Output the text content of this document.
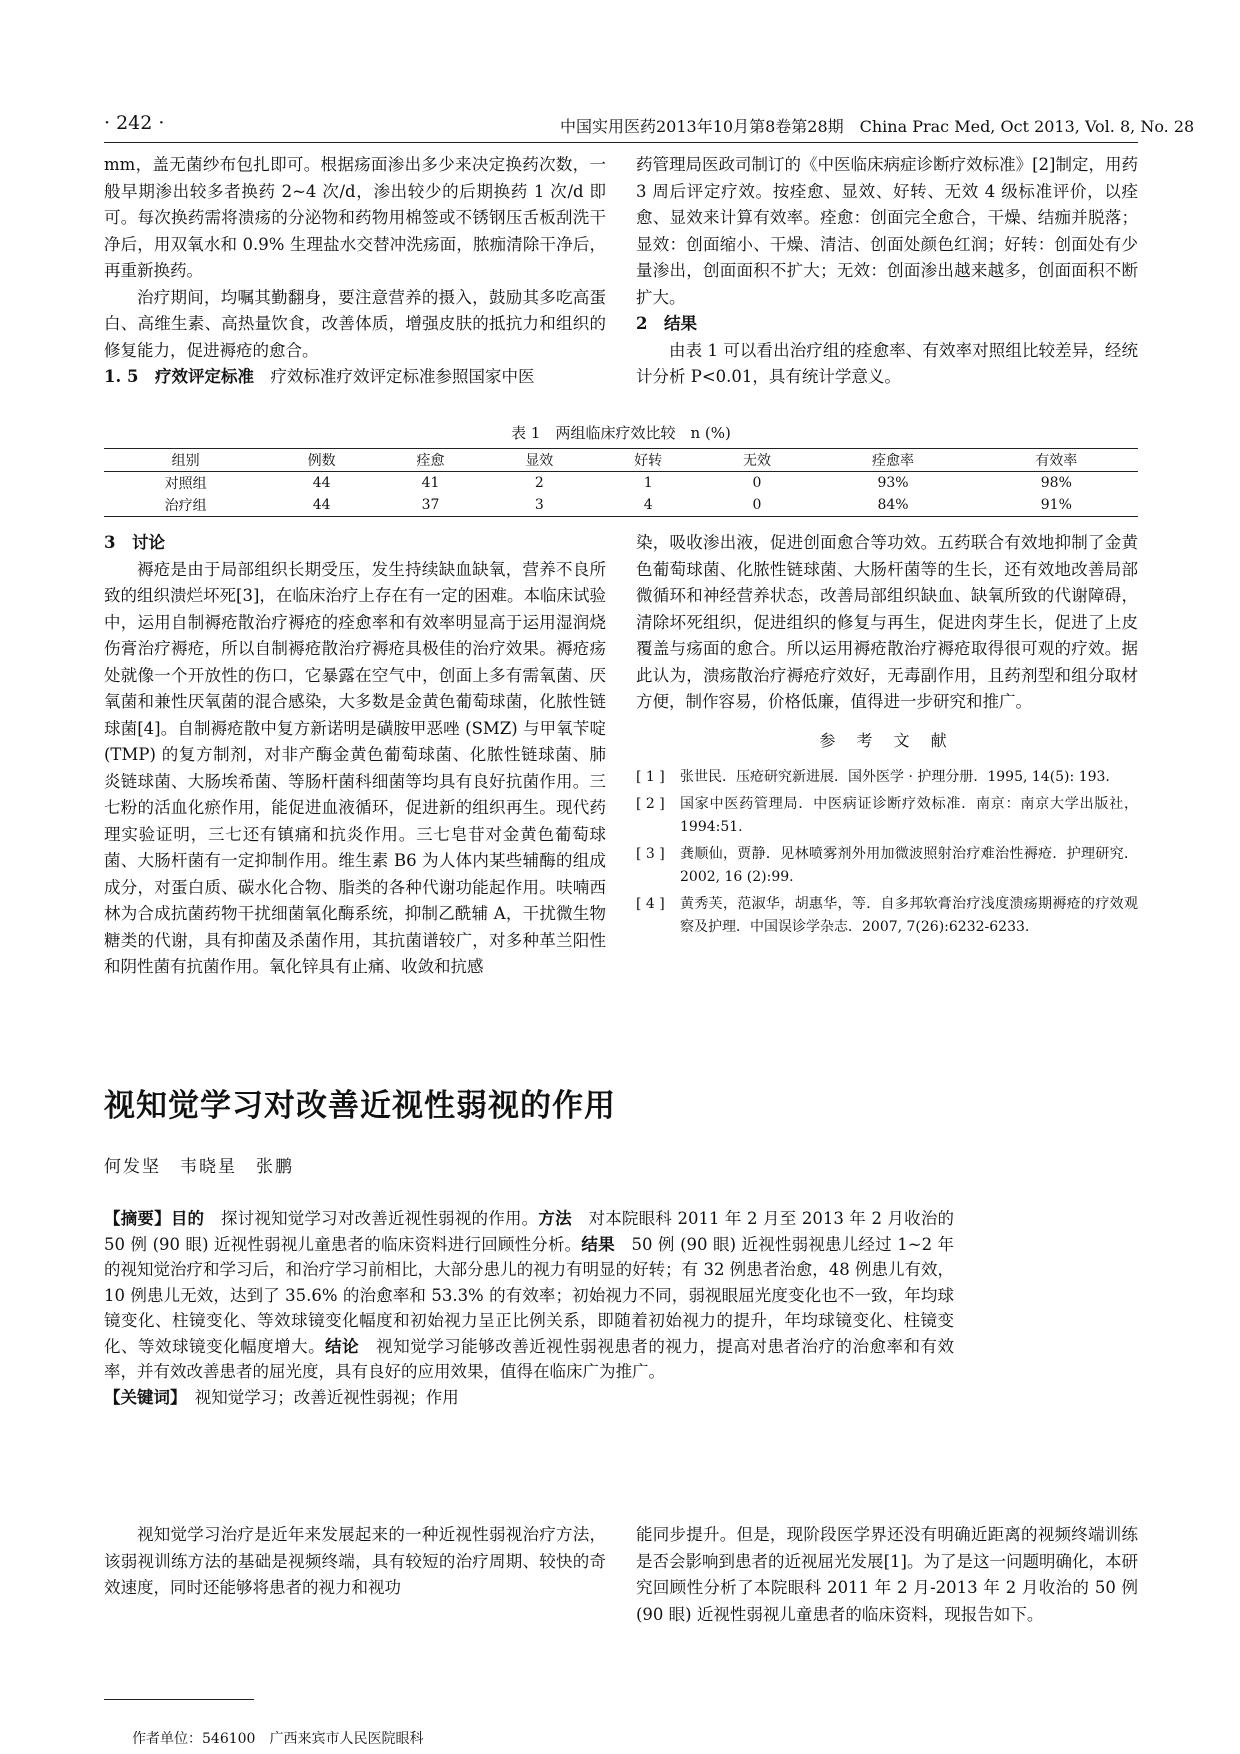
· 242 ·	中国实用医药2013年10月第8卷第28期　China Prac Med, Oct 2013, Vol. 8, No. 28

mm，盖无菌纱布包扎即可。根据疡面渗出多少来决定换药次数，一般早期渗出较多者换药 2~4 次/d，渗出较少的后期换药 1 次/d 即可。每次换药需将溃疡的分泌物和药物用棉签或不锈钢压舌板刮洗干净后，用双氧水和 0.9% 生理盐水交替冲洗疡面，脓痂清除干净后，再重新换药。

治疗期间，均嘱其勤翻身，要注意营养的摄入，鼓励其多吃高蛋白、高维生素、高热量饮食，改善体质，增强皮肤的抵抗力和组织的修复能力，促进褥疮的愈合。

1. 5　疗效评定标准　疗效标准疗效评定标准参照国家中医

药管理局医政司制订的《中医临床病症诊断疗效标准》[2]制定，用药 3 周后评定疗效。按痊愈、显效、好转、无效 4 级标准评价，以痊愈、显效来计算有效率。痊愈：创面完全愈合，干燥、结痂并脱落；显效：创面缩小、干燥、清洁、创面处颜色红润；好转：创面处有少量渗出，创面面积不扩大；无效：创面渗出越来越多，创面面积不断扩大。

2　结果

由表 1 可以看出治疗组的痊愈率、有效率对照组比较差异，经统计分析 P<0.01，具有统计学意义。

表 1　两组临床疗效比较　n (%)
组别	例数	痊愈	显效	好转	无效	痊愈率	有效率
对照组	44	41	2	1	0	93%	98%
治疗组	44	37	3	4	0	84%	91%

3　讨论

褥疮是由于局部组织长期受压，发生持续缺血缺氧，营养不良所致的组织溃烂坏死[3]，在临床治疗上存在有一定的困难。本临床试验中，运用自制褥疮散治疗褥疮的痊愈率和有效率明显高于运用湿润烧伤膏治疗褥疮，所以自制褥疮散治疗褥疮具极佳的治疗效果。褥疮疡处就像一个开放性的伤口，它暴露在空气中，创面上多有需氧菌、厌氧菌和兼性厌氧菌的混合感染，大多数是金黄色葡萄球菌，化脓性链球菌[4]。自制褥疮散中复方新诺明是磺胺甲恶唑 (SMZ) 与甲氧苄啶 (TMP) 的复方制剂，对非产酶金黄色葡萄球菌、化脓性链球菌、肺炎链球菌、大肠埃希菌、等肠杆菌科细菌等均具有良好抗菌作用。三七粉的活血化瘀作用，能促进血液循环，促进新的组织再生。现代药理实验证明，三七还有镇痛和抗炎作用。三七皂苷对金黄色葡萄球菌、大肠杆菌有一定抑制作用。维生素 B6 为人体内某些辅酶的组成成分，对蛋白质、碳水化合物、脂类的各种代谢功能起作用。呋喃西林为合成抗菌药物干扰细菌氧化酶系统，抑制乙酰辅 A，干扰微生物糖类的代谢，具有抑菌及杀菌作用，其抗菌谱较广，对多种革兰阳性和阴性菌有抗菌作用。氧化锌具有止痛、收敛和抗感

染，吸收渗出液，促进创面愈合等功效。五药联合有效地抑制了金黄色葡萄球菌、化脓性链球菌、大肠杆菌等的生长，还有效地改善局部微循环和神经营养状态，改善局部组织缺血、缺氧所致的代谢障碍，清除坏死组织，促进组织的修复与再生，促进肉芽生长，促进了上皮覆盖与疡面的愈合。所以运用褥疮散治疗褥疮取得很可观的疗效。据此认为，溃疡散治疗褥疮疗效好，无毒副作用，且药剂型和组分取材方便，制作容易，价格低廉，值得进一步研究和推广。

参 考 文 献
[ 1 ]	张世民．压疮研究新进展．国外医学 · 护理分册．1995, 14(5): 193.
[ 2 ]	国家中医药管理局．中医病证诊断疗效标准．南京：南京大学出版社，1994:51.
[ 3 ]	龚顺仙，贾静．见林喷雾剂外用加微波照射治疗难治性褥疮．护理研究．2002, 16 (2):99.
[ 4 ]	黄秀芙，范淑华，胡惠华，等．自多邦软膏治疗浅度溃疡期褥疮的疗效观察及护理．中国误诊学杂志．2007, 7(26):6232-6233.
视知觉学习对改善近视性弱视的作用
何发坚　韦晓星　张鹏

【摘要】目的　探讨视知觉学习对改善近视性弱视的作用。方法　对本院眼科 2011 年 2 月至 2013 年 2 月收治的 50 例 (90 眼) 近视性弱视儿童患者的临床资料进行回顾性分析。结果　50 例 (90 眼) 近视性弱视患儿经过 1~2 年的视知觉治疗和学习后，和治疗学习前相比，大部分患儿的视力有明显的好转；有 32 例患者治愈，48 例患儿有效，10 例患儿无效，达到了 35.6% 的治愈率和 53.3% 的有效率；初始视力不同，弱视眼屈光度变化也不一致，年均球镜变化、柱镜变化、等效球镜变化幅度和初始视力呈正比例关系，即随着初始视力的提升，年均球镜变化、柱镜变化、等效球镜变化幅度增大。结论　视知觉学习能够改善近视性弱视患者的视力，提高对患者治疗的治愈率和有效率，并有效改善患者的屈光度，具有良好的应用效果，值得在临床广为推广。

【关键词】　视知觉学习；改善近视性弱视；作用

视知觉学习治疗是近年来发展起来的一种近视性弱视治疗方法，该弱视训练方法的基础是视频终端，具有较短的治疗周期、较快的奇效速度，同时还能够将患者的视力和视功
能同步提升。但是，现阶段医学界还没有明确近距离的视频终端训练是否会影响到患者的近视屈光发展[1]。为了是这一问题明确化，本研究回顾性分析了本院眼科 2011 年 2 月-2013 年 2 月收治的 50 例 (90 眼) 近视性弱视儿童患者的临床资料，现报告如下。
作者单位：546100　广西来宾市人民医院眼科
